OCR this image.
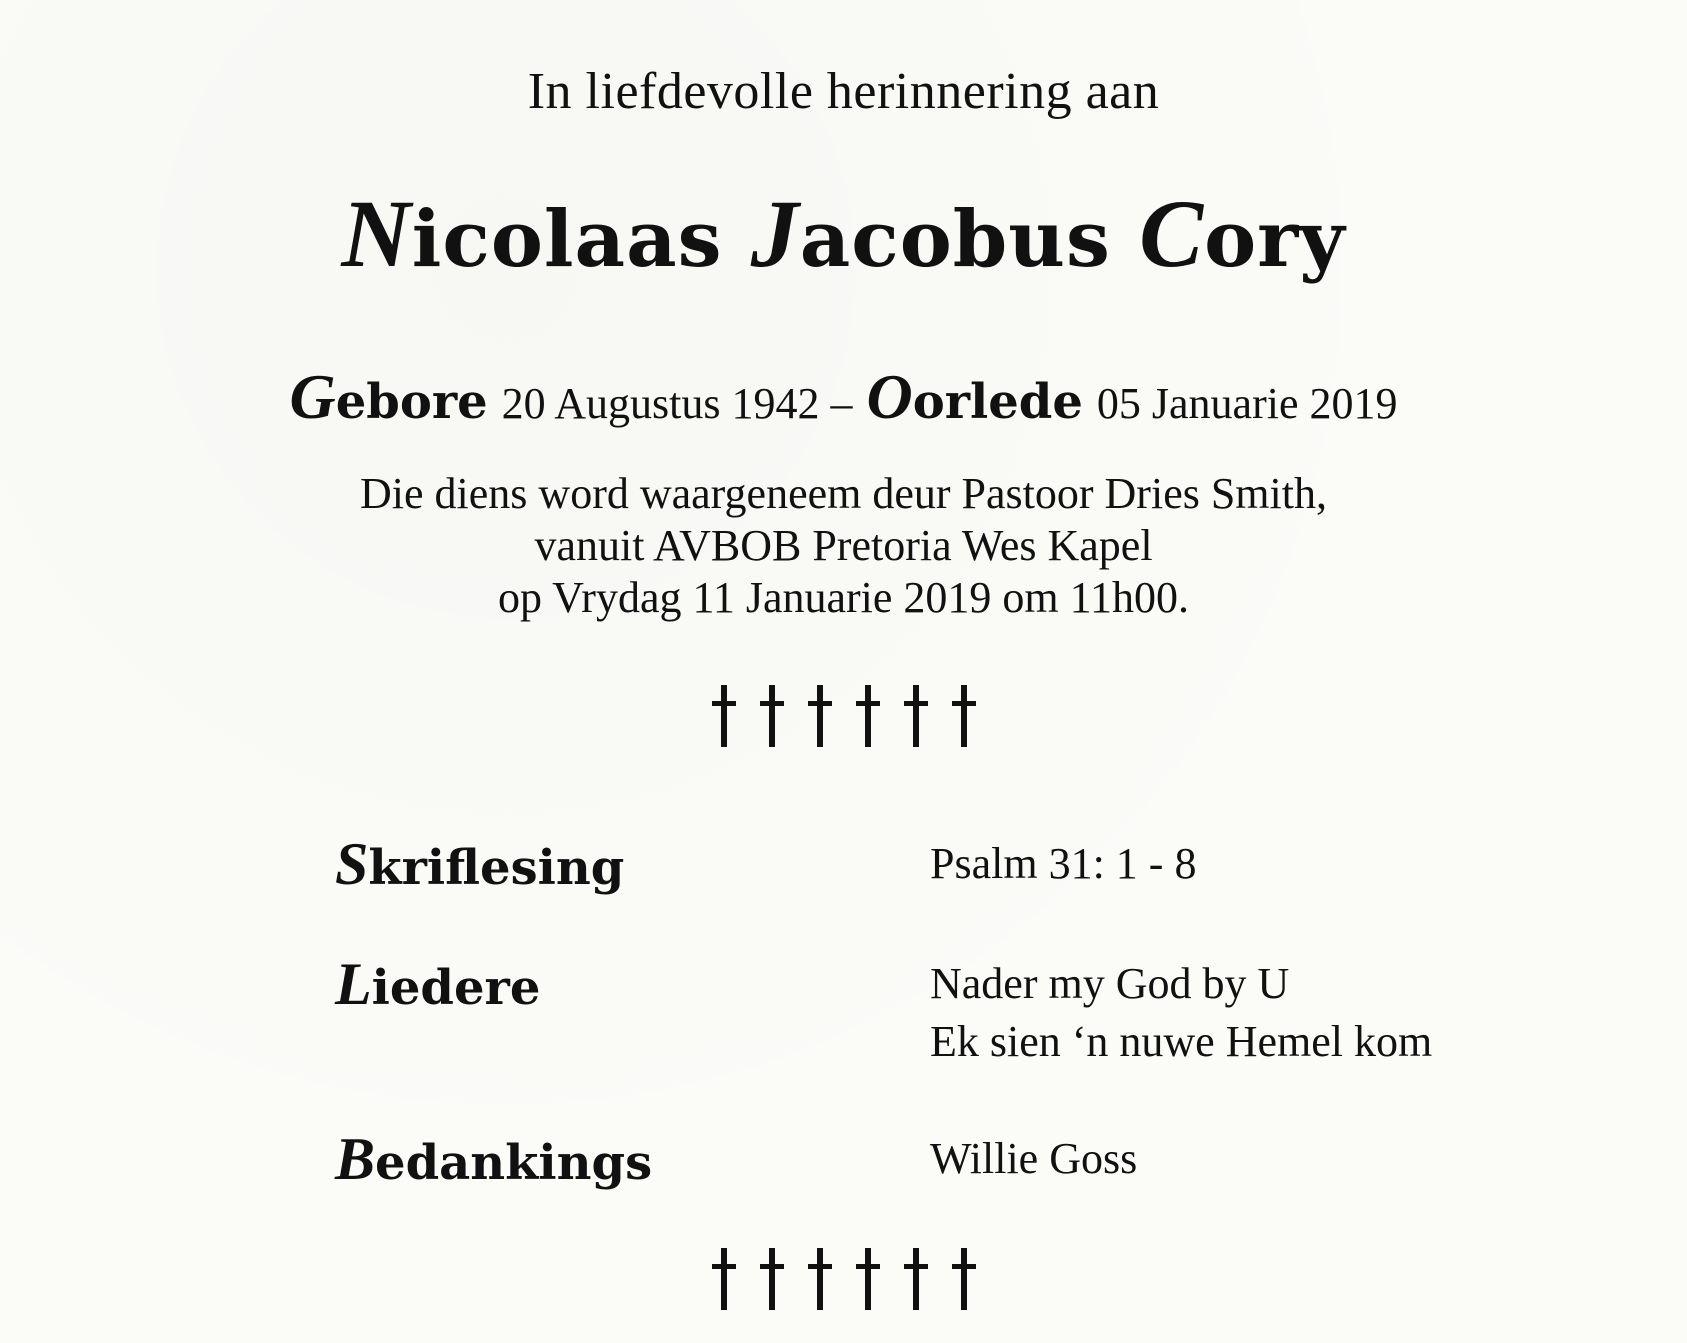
In liefdevolle herinnering aan
Nicolaas Jacobus Cory
Gebore 20 Augustus 1942 – Oorlede 05 Januarie 2019
Die diens word waargeneem deur Pastoor Dries Smith,
vanuit AVBOB Pretoria Wes Kapel
op Vrydag 11 Januarie 2019 om 11h00.
Skriflesing	Psalm 31: 1 - 8
Liedere	Nader my God by U
Ek sien ‘n nuwe Hemel kom
Bedankings	Willie Goss
